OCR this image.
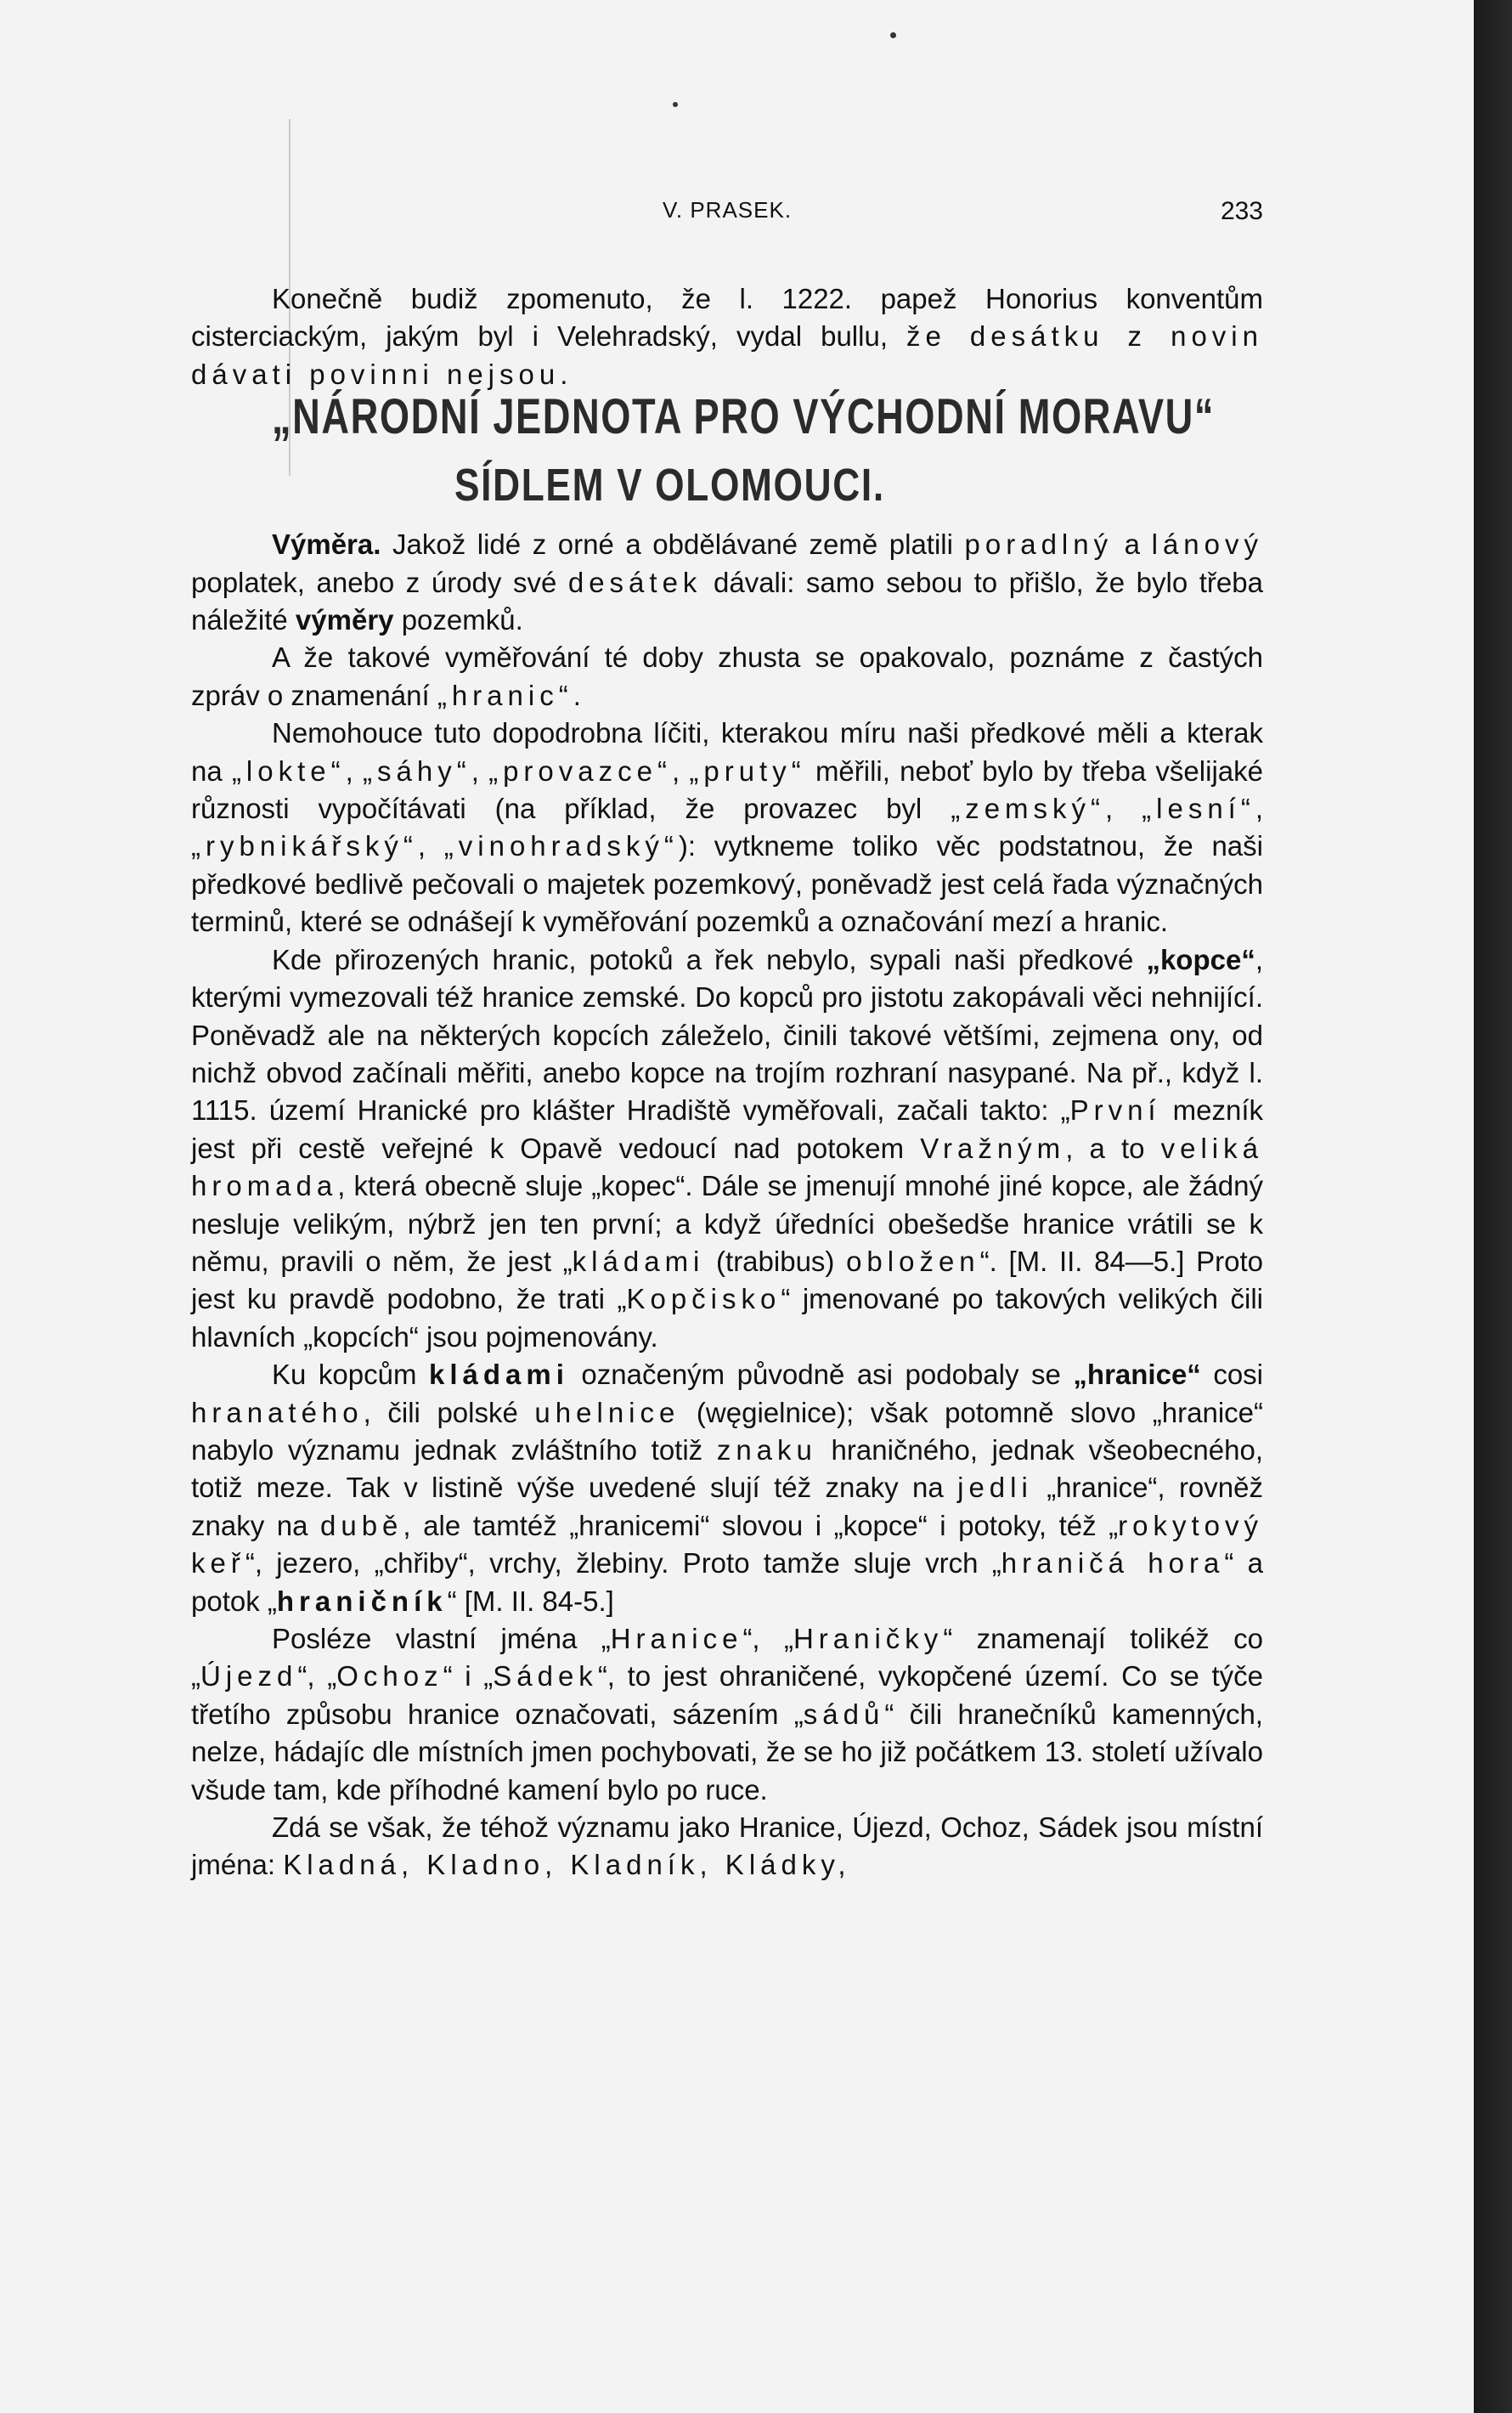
V. PRASEK.	233

Konečně budiž zpomenuto, že l. 1222. papež Honorius konventům cisterciackým, jakým byl i Velehradský, vydal bullu, že desátku z novin dávati povinni nejsou.

„NÁRODNÍ JEDNOTA PRO VÝCHODNÍ MORAVU“
SÍDLEM V OLOMOUCI.

Výměra. Jakož lidé z orné a obdělávané země platili poradlný a lánový poplatek, anebo z úrody své desátek dávali: samo sebou to přišlo, že bylo třeba náležité výměry pozemků.

A že takové vyměřování té doby zhusta se opakovalo, poznáme z častých zpráv o znamenání „hranic“.

Nemohouce tuto dopodrobna líčiti, kterakou míru naši předkové měli a kterak na „lokte“, „sáhy“, „provazce“, „pruty“ měřili, neboť bylo by třeba všelijaké různosti vypočítávati (na příklad, že provazec byl „zemský“, „lesní“, „rybnikářský“, „vinohradský“): vytkneme toliko věc podstatnou, že naši předkové bedlivě pečovali o majetek pozemkový, poněvadž jest celá řada význačných terminů, které se odnášejí k vyměřování pozemků a označování mezí a hranic.

Kde přirozených hranic, potoků a řek nebylo, sypali naši předkové „kopce“, kterými vymezovali též hranice zemské. Do kopců pro jistotu zakopávali věci nehnijící. Poněvadž ale na některých kopcích záleželo, činili takové většími, zejmena ony, od nichž obvod začínali měřiti, anebo kopce na trojím rozhraní nasypané. Na př., když l. 1115. území Hranické pro klášter Hradiště vyměřovali, začali takto: „První mezník jest při cestě veřejné k Opavě vedoucí nad potokem Vražným, a to veliká hromada, která obecně sluje „kopec“. Dále se jmenují mnohé jiné kopce, ale žádný nesluje velikým, nýbrž jen ten první; a když úředníci obešedše hranice vrátili se k němu, pravili o něm, že jest „kládami (trabibus) obložen“. [M. II. 84—5.] Proto jest ku pravdě podobno, že trati „Kopčisko“ jmenované po takových velikých čili hlavních „kopcích“ jsou pojmenovány.

Ku kopcům kládami označeným původně asi podobaly se „hranice“ cosi hranatého, čili polské uhelnice (węgielnice); však potomně slovo „hranice“ nabylo významu jednak zvláštního totiž znaku hraničného, jednak všeobecného, totiž meze. Tak v listině výše uvedené slují též znaky na jedli „hranice“, rovněž znaky na dubě, ale tamtéž „hranicemi“ slovou i „kopce“ i potoky, též „rokytový keř“, jezero, „chřiby“, vrchy, žlebiny. Proto tamže sluje vrch „hraničá hora“ a potok „hraničník“ [M. II. 84-5.]

Posléze vlastní jména „Hranice“, „Hraničky“ znamenají tolikéž co „Újezd“, „Ochoz“ i „Sádek“, to jest ohraničené, vykopčené území. Co se týče třetího způsobu hranice označovati, sázením „sádů“ čili hranečníků kamenných, nelze, hádajíc dle místních jmen pochybovati, že se ho již počátkem 13. století užívalo všude tam, kde příhodné kamení bylo po ruce.

Zdá se však, že téhož významu jako Hranice, Újezd, Ochoz, Sádek jsou místní jména: Kladná, Kladno, Kladník, Kládky,
